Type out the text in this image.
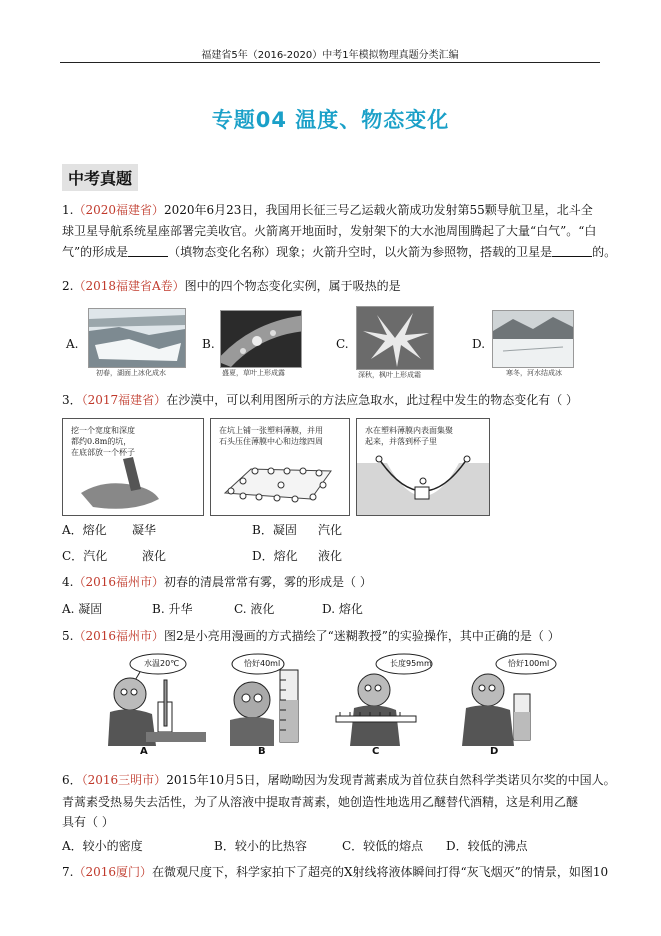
福建省5年（2016-2020）中考1年模拟物理真题分类汇编
专题04 温度、物态变化
中考真题
1.（2020福建省）2020年6月23日，我国用长征三号乙运载火箭成功发射第55颗导航卫星，北斗全
球卫星导航系统星座部署完美收官。火箭离开地面时，发射架下的大水池周围腾起了大量“白气”。“白
气”的形成是	（填物态变化名称）现象；火箭升空时，以火箭为参照物，搭载的卫星是	的。
2.（2018福建省A卷）图中的四个物态变化实例，属于吸热的是
A.
初春，湖面上冰化成水
B.
盛夏，草叶上形成露
C.
深秋，枫叶上形成霜
D.
寒冬，河水结成冰
3．（2017福建省）在沙漠中，可以利用图所示的方法应急取水，此过程中发生的物态变化有（ ）
挖一个宽度和深度
都约0.8m的坑，
在底部放一个杯子
在坑上铺一张塑料薄膜，并用
石头压住薄膜中心和边缘四周
水在塑料薄膜内表面集聚
起来，并落到杯子里
A．熔化 凝华	B．凝固 汽化
C．汽化	液化	D．熔化 液化
4.（2016福州市）初春的清晨常常有雾，雾的形成是（ ）
A. 凝固	B. 升华	C. 液化	D. 熔化
5.（2016福州市）图2是小亮用漫画的方式描绘了“迷糊教授”的实验操作，其中正确的是（ ）
水温20℃
A
恰好40ml
B
长度95mm
C
恰好100ml
D
6．（2016三明市）2015年10月5日，屠呦呦因为发现青蒿素成为首位获自然科学类诺贝尔奖的中国人。
青蒿素受热易失去活性，为了从溶液中提取青蒿素，她创造性地选用乙醚替代酒精，这是利用乙醚
具有（ ）
A．较小的密度	B．较小的比热容	C．较低的熔点 D．较低的沸点
7.（2016厦门）在微观尺度下，科学家拍下了超亮的X射线将液体瞬间打得“灰飞烟灭”的情景，如图10
